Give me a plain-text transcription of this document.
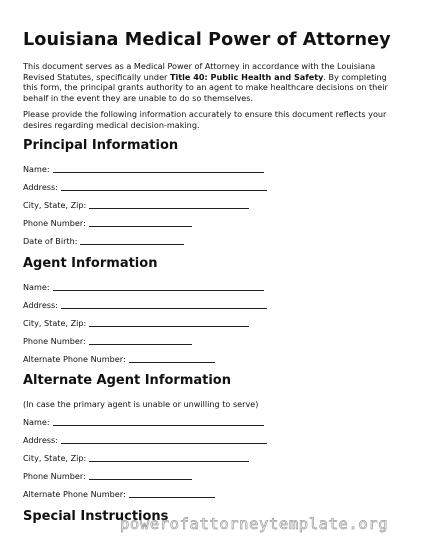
Louisiana Medical Power of Attorney
This document serves as a Medical Power of Attorney in accordance with the Louisiana Revised Statutes, specifically under Title 40: Public Health and Safety. By completing this form, the principal grants authority to an agent to make healthcare decisions on their behalf in the event they are unable to do so themselves.
Please provide the following information accurately to ensure this document reflects your desires regarding medical decision-making.
Principal Information
Name:
Address:
City, State, Zip:
Phone Number:
Date of Birth:
Agent Information
Name:
Address:
City, State, Zip:
Phone Number:
Alternate Phone Number:
Alternate Agent Information
(In case the primary agent is unable or unwilling to serve)
Name:
Address:
City, State, Zip:
Phone Number:
Alternate Phone Number:
Special Instructions
powerofattorneytemplate.org
